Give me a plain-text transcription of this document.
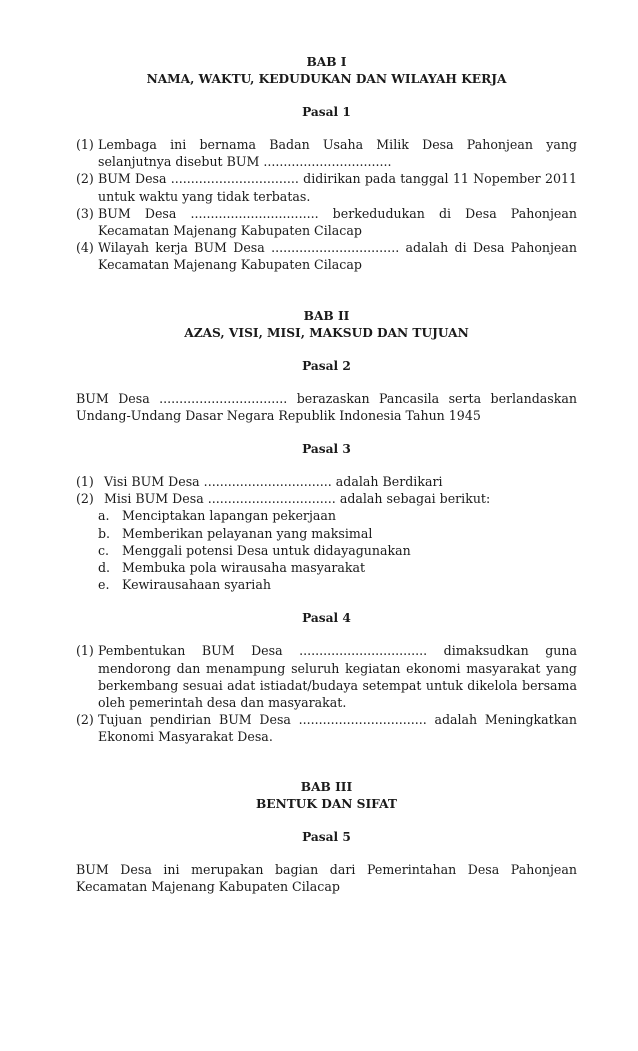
BAB I
NAMA, WAKTU, KEDUDUKAN DAN WILAYAH KERJA
Pasal 1
(1) Lembaga ini bernama Badan Usaha Milik Desa Pahonjean yang selanjutnya disebut BUM ................................
(2) BUM Desa ................................ didirikan pada tanggal 11 Nopember 2011 untuk waktu yang tidak terbatas.
(3) BUM Desa ................................ berkedudukan di Desa Pahonjean Kecamatan Majenang Kabupaten Cilacap
(4) Wilayah kerja BUM Desa ................................ adalah di Desa Pahonjean Kecamatan Majenang Kabupaten Cilacap
BAB II
AZAS, VISI, MISI, MAKSUD DAN TUJUAN
Pasal 2
BUM Desa ................................ berazaskan Pancasila serta berlandaskan Undang-Undang Dasar Negara Republik Indonesia Tahun 1945
Pasal 3
(1) Visi BUM Desa ................................ adalah Berdikari
(2) Misi BUM Desa ................................ adalah sebagai berikut:
a. Menciptakan lapangan pekerjaan
b. Memberikan pelayanan yang maksimal
c.	Menggali potensi Desa untuk didayagunakan
d. Membuka pola wirausaha masyarakat
e. Kewirausahaan syariah
Pasal 4
(1) Pembentukan BUM Desa ................................ dimaksudkan guna mendorong dan menampung seluruh kegiatan ekonomi masyarakat yang berkembang sesuai adat istiadat/budaya setempat untuk dikelola bersama oleh pemerintah desa dan masyarakat.
(2) Tujuan pendirian BUM Desa ................................ adalah Meningkatkan Ekonomi Masyarakat Desa.
BAB III
BENTUK DAN SIFAT
Pasal 5
BUM Desa ini merupakan bagian dari Pemerintahan Desa Pahonjean Kecamatan Majenang Kabupaten Cilacap
